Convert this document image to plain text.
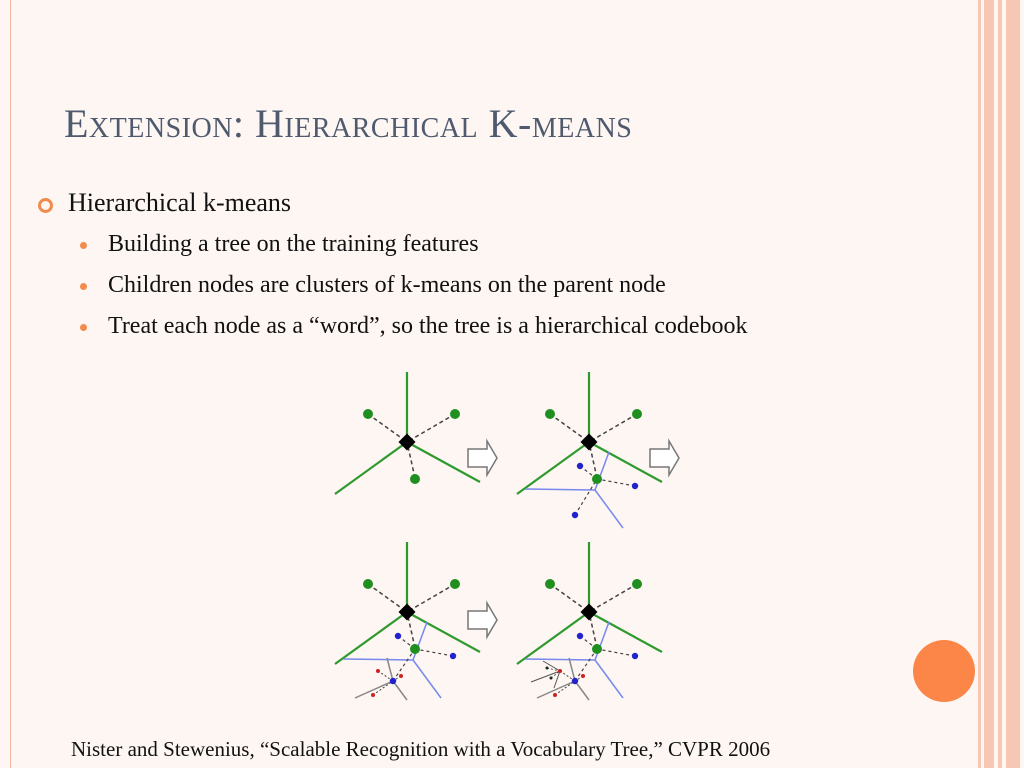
Extension: Hierarchical K-means
Hierarchical k-means
Building a tree on the training features
Children nodes are clusters of k-means on the parent node
Treat each node as a “word”, so the tree is a hierarchical codebook
Nister and Stewenius, “Scalable Recognition with a Vocabulary Tree,” CVPR 2006
